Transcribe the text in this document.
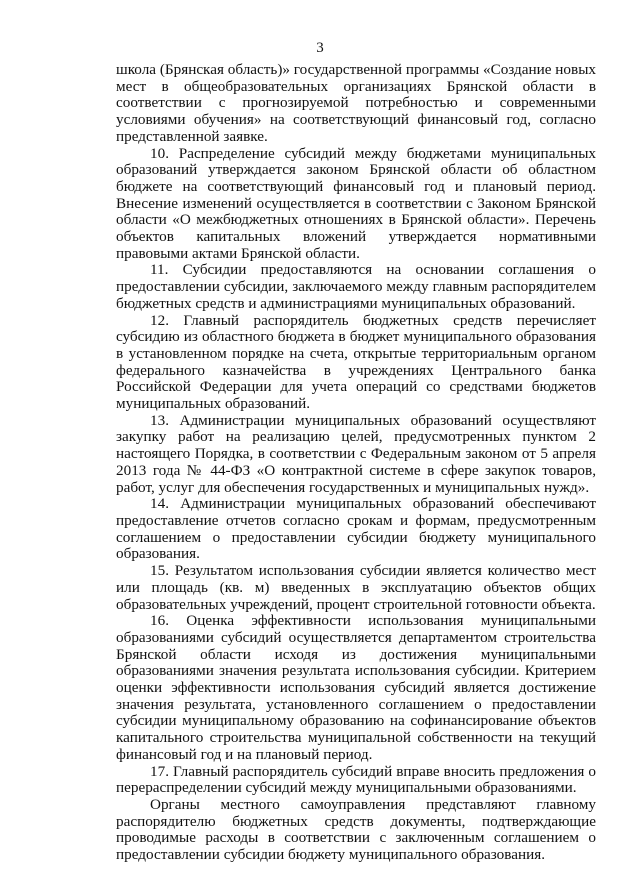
3

школа (Брянская область)» государственной программы «Создание новых мест в общеобразовательных организациях Брянской области в соответствии с прогнозируемой потребностью и современными условиями обучения» на соответствующий финансовый год, согласно представленной заявке.

10. Распределение субсидий между бюджетами муниципальных образований утверждается законом Брянской области об областном бюджете на соответствующий финансовый год и плановый период. Внесение изменений осуществляется в соответствии с Законом Брянской области «О межбюджетных отношениях в Брянской области». Перечень объектов капитальных вложений утверждается нормативными правовыми актами Брянской области.

11. Субсидии предоставляются на основании соглашения о предоставлении субсидии, заключаемого между главным распорядителем бюджетных средств и администрациями муниципальных образований.

12. Главный распорядитель бюджетных средств перечисляет субсидию из областного бюджета в бюджет муниципального образования в установленном порядке на счета, открытые территориальным органом федерального казначейства в учреждениях Центрального банка Российской Федерации для учета операций со средствами бюджетов муниципальных образований.

13. Администрации муниципальных образований осуществляют закупку работ на реализацию целей, предусмотренных пунктом 2 настоящего Порядка, в соответствии с Федеральным законом от 5 апреля 2013 года № 44-ФЗ «О контрактной системе в сфере закупок товаров, работ, услуг для обеспечения государственных и муниципальных нужд».

14. Администрации муниципальных образований обеспечивают предоставление отчетов согласно срокам и формам, предусмотренным соглашением о предоставлении субсидии бюджету муниципального образования.

15. Результатом использования субсидии является количество мест или площадь (кв. м) введенных в эксплуатацию объектов общих образовательных учреждений, процент строительной готовности объекта.

16. Оценка эффективности использования муниципальными образованиями субсидий осуществляется департаментом строительства Брянской области исходя из достижения муниципальными образованиями значения результата использования субсидии. Критерием оценки эффективности использования субсидий является достижение значения результата, установленного соглашением о предоставлении субсидии муниципальному образованию на софинансирование объектов капитального строительства муниципальной собственности на текущий финансовый год и на плановый период.

17. Главный распорядитель субсидий вправе вносить предложения о перераспределении субсидий между муниципальными образованиями.

Органы местного самоуправления представляют главному распорядителю бюджетных средств документы, подтверждающие проводимые расходы в соответствии с заключенным соглашением о предоставлении субсидии бюджету муниципального образования.
